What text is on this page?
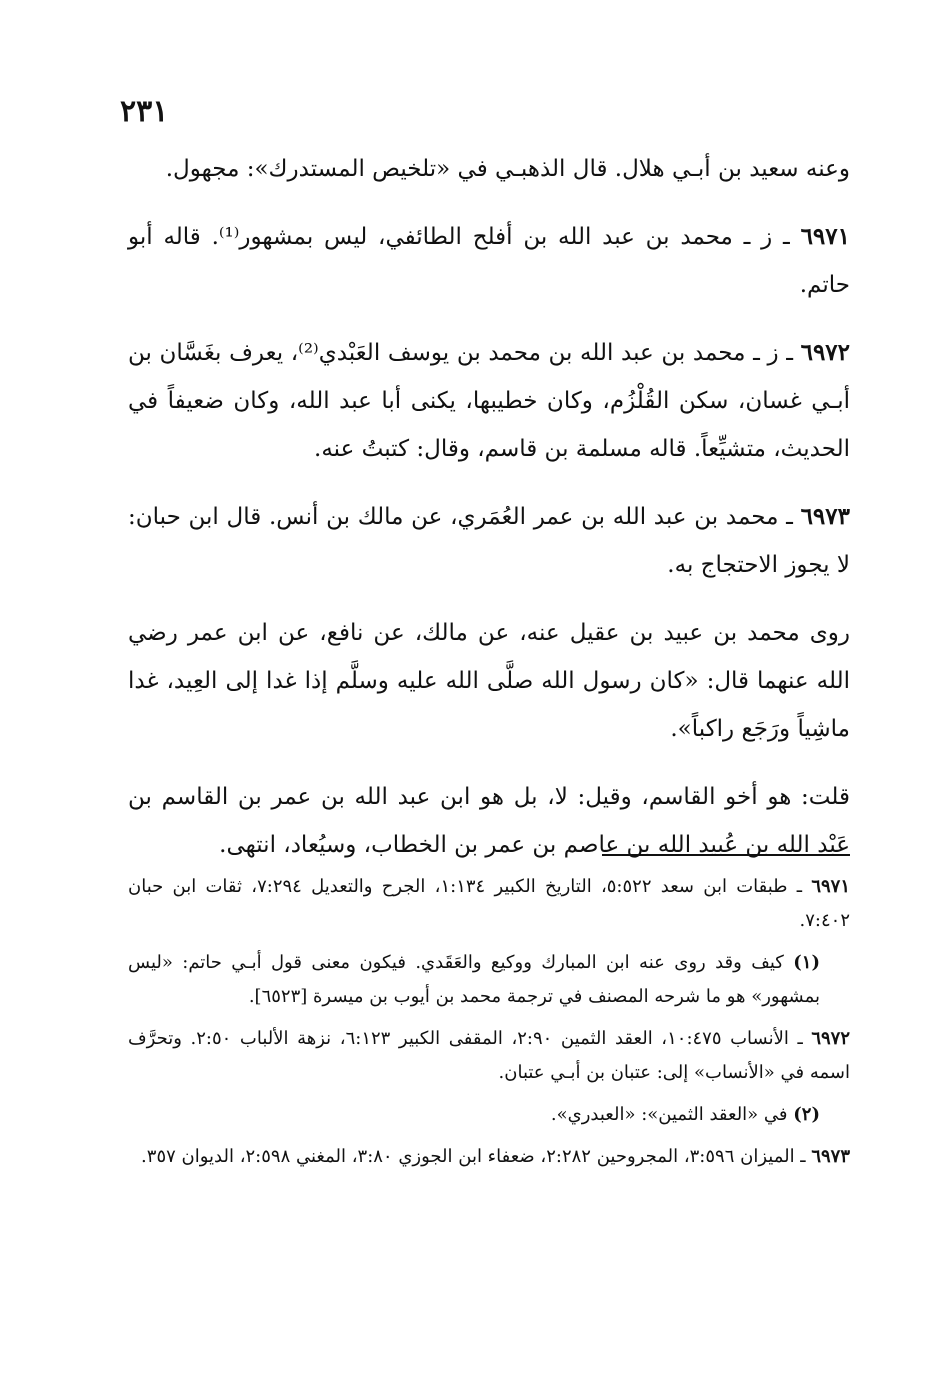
٢٣١

وعنه سعيد بن أبـي هلال. قال الذهبـي في «تلخيص المستدرك»: مجهول.

٦٩٧١ ـ ز ـ محمد بن عبد الله بن أفلح الطائفي، ليس بمشهور⁽¹⁾. قاله أبو حاتم.

٦٩٧٢ ـ ز ـ محمد بن عبد الله بن محمد بن يوسف العَبْدي⁽²⁾، يعرف بغَسَّان بن أبـي غسان، سكن القُلْزُم، وكان خطيبها، يكنى أبا عبد الله، وكان ضعيفاً في الحديث، متشيِّعاً. قاله مسلمة بن قاسم، وقال: كتبتُ عنه.

٦٩٧٣ ـ محمد بن عبد الله بن عمر العُمَري، عن مالك بن أنس. قال ابن حبان: لا يجوز الاحتجاج به.

روى محمد بن عبيد بن عقيل عنه، عن مالك، عن نافع، عن ابن عمر رضي الله عنهما قال: «كان رسول الله صلَّى الله عليه وسلَّم إذا غدا إلى العِيد، غدا ماشِياً ورَجَع راكباً».

قلت: هو أخو القاسم، وقيل: لا، بل هو ابن عبد الله بن عمر بن القاسم بن عَبْد الله بن عُبيد الله بن عاصم بن عمر بن الخطاب، وسيُعاد، انتهى.

٦٩٧١ ـ طبقات ابن سعد ٥:٥٢٢، التاريخ الكبير ١:١٣٤، الجرح والتعديل ٧:٢٩٤، ثقات ابن حبان ٧:٤٠٢.

(١) كيف وقد روى عنه ابن المبارك ووكيع والعَقَدي. فيكون معنى قول أبـي حاتم: «ليس بمشهور» هو ما شرحه المصنف في ترجمة محمد بن أيوب بن ميسرة [٦٥٢٣].

٦٩٧٢ ـ الأنساب ١٠:٤٧٥، العقد الثمين ٢:٩٠، المقفى الكبير ٦:١٢٣، نزهة الألباب ٢:٥٠. وتحرَّف اسمه في «الأنساب» إلى: عتبان بن أبـي عتبان.

(٢) في «العقد الثمين»: «العبدري».

٦٩٧٣ ـ الميزان ٣:٥٩٦، المجروحين ٢:٢٨٢، ضعفاء ابن الجوزي ٣:٨٠، المغني ٢:٥٩٨، الديوان ٣٥٧.
